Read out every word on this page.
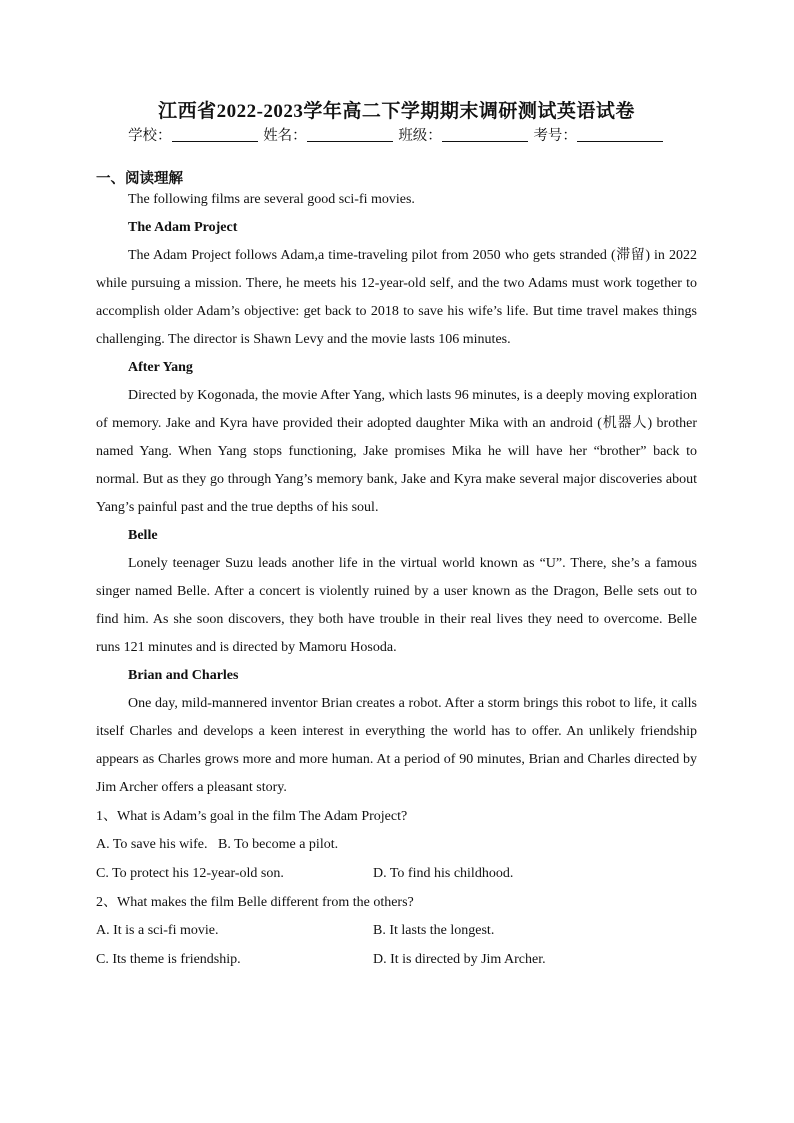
江西省2022-2023学年高二下学期期末调研测试英语试卷
学校：	姓名：	班级：	考号：
一、阅读理解

The following films are several good sci-fi movies.

The Adam Project

The Adam Project follows Adam,a time-traveling pilot from 2050 who gets stranded (滞留) in 2022 while pursuing a mission. There, he meets his 12-year-old self, and the two Adams must work together to accomplish older Adam’s objective: get back to 2018 to save his wife’s life. But time travel makes things challenging. The director is Shawn Levy and the movie lasts 106 minutes.

After Yang

Directed by Kogonada, the movie After Yang, which lasts 96 minutes, is a deeply moving exploration of memory. Jake and Kyra have provided their adopted daughter Mika with an android (机器人) brother named Yang. When Yang stops functioning, Jake promises Mika he will have her “brother” back to normal. But as they go through Yang’s memory bank, Jake and Kyra make several major discoveries about Yang’s painful past and the true depths of his soul.

Belle

Lonely teenager Suzu leads another life in the virtual world known as “U”. There, she’s a famous singer named Belle. After a concert is violently ruined by a user known as the Dragon, Belle sets out to find him. As she soon discovers, they both have trouble in their real lives they need to overcome. Belle runs 121 minutes and is directed by Mamoru Hosoda.

Brian and Charles

One day, mild-mannered inventor Brian creates a robot. After a storm brings this robot to life, it calls itself Charles and develops a keen interest in everything the world has to offer. An unlikely friendship appears as Charles grows more and more human. At a period of 90 minutes, Brian and Charles directed by Jim Archer offers a pleasant story.

1、What is Adam’s goal in the film The Adam Project?

A. To save his wife.   B. To become a pilot.
C. To protect his 12-year-old son.	D. To find his childhood.

2、What makes the film Belle different from the others?

A. It is a sci-fi movie.	B. It lasts the longest.
C. Its theme is friendship.	D. It is directed by Jim Archer.
